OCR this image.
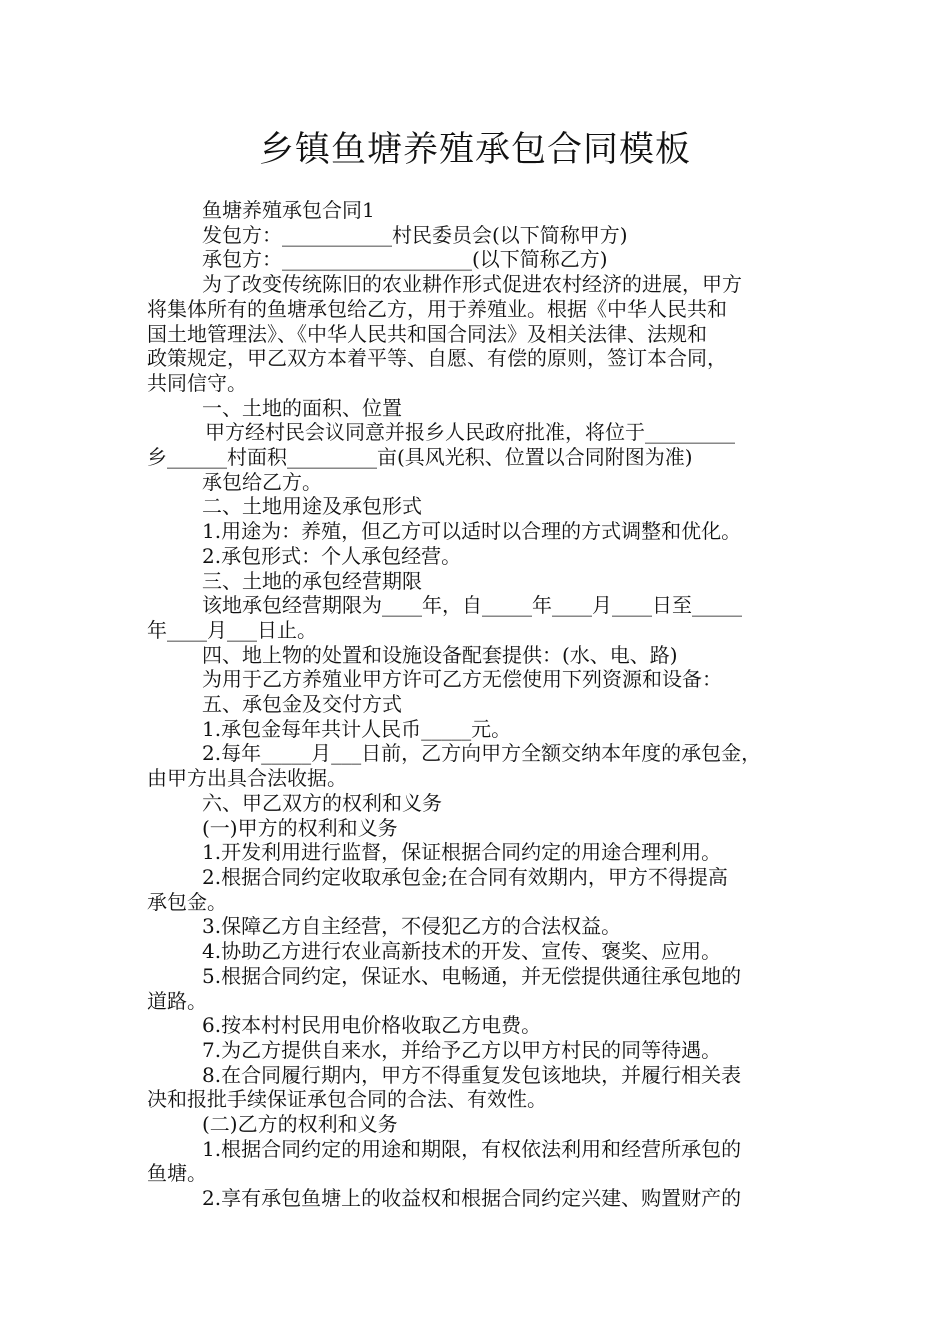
乡镇鱼塘养殖承包合同模板
鱼塘养殖承包合同1
发包方：___________村民委员会(以下简称甲方)
承包方：___________________(以下简称乙方)
为了改变传统陈旧的农业耕作形式促进农村经济的进展，甲方
将集体所有的鱼塘承包给乙方，用于养殖业。根据《中华人民共和
国土地管理法》、《中华人民共和国合同法》及相关法律、法规和
政策规定，甲乙双方本着平等、自愿、有偿的原则，签订本合同，
共同信守。
一、土地的面积、位置
甲方经村民会议同意并报乡人民政府批准，将位于_________
乡______村面积_________亩(具风光积、位置以合同附图为准)
承包给乙方。
二、土地用途及承包形式
1.用途为：养殖，但乙方可以适时以合理的方式调整和优化。
2.承包形式：个人承包经营。
三、土地的承包经营期限
该地承包经营期限为____年，自_____年____月____日至_____
年____月___日止。
四、地上物的处置和设施设备配套提供：(水、电、路)
为用于乙方养殖业甲方许可乙方无偿使用下列资源和设备：
五、承包金及交付方式
1.承包金每年共计人民币_____元。
2.每年_____月___日前，乙方向甲方全额交纳本年度的承包金，
由甲方出具合法收据。
六、甲乙双方的权利和义务
(一)甲方的权利和义务
1.开发利用进行监督，保证根据合同约定的用途合理利用。
2.根据合同约定收取承包金;在合同有效期内，甲方不得提高
承包金。
3.保障乙方自主经营，不侵犯乙方的合法权益。
4.协助乙方进行农业高新技术的开发、宣传、褒奖、应用。
5.根据合同约定，保证水、电畅通，并无偿提供通往承包地的
道路。
6.按本村村民用电价格收取乙方电费。
7.为乙方提供自来水，并给予乙方以甲方村民的同等待遇。
8.在合同履行期内，甲方不得重复发包该地块，并履行相关表
决和报批手续保证承包合同的合法、有效性。
(二)乙方的权利和义务
1.根据合同约定的用途和期限，有权依法利用和经营所承包的
鱼塘。
2.享有承包鱼塘上的收益权和根据合同约定兴建、购置财产的
